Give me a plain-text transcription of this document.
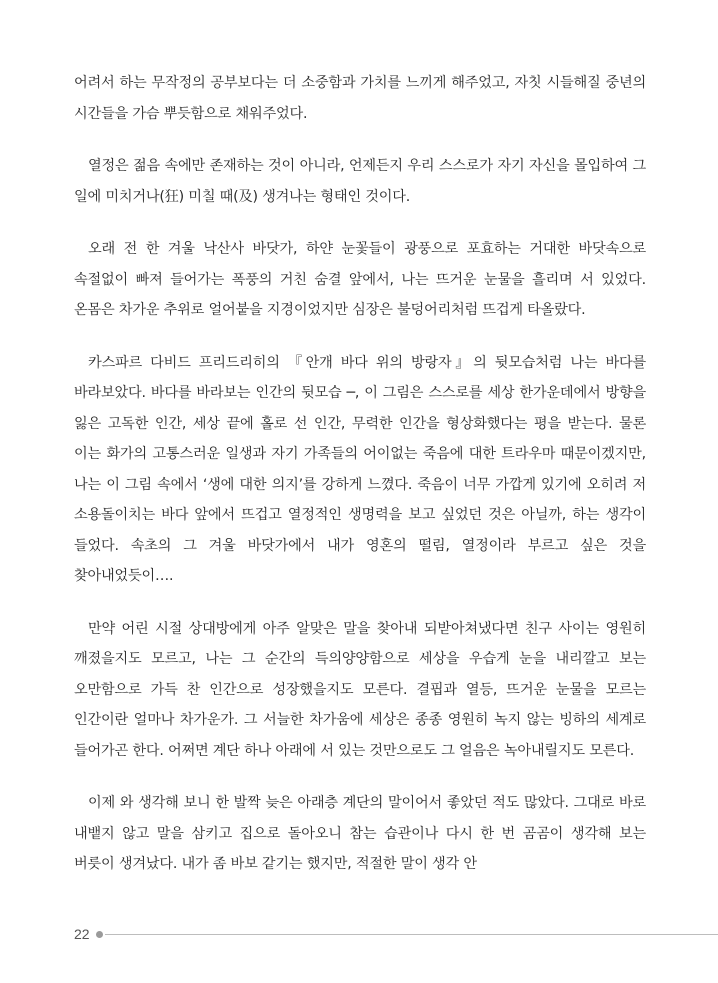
어려서 하는 무작정의 공부보다는 더 소중함과 가치를 느끼게 해주었고, 자칫 시들해질 중년의 시간들을 가슴 뿌듯함으로 채워주었다.

열정은 젊음 속에만 존재하는 것이 아니라, 언제든지 우리 스스로가 자기 자신을 몰입하여 그 일에 미치거나(狂) 미칠 때(及) 생겨나는 형태인 것이다.

오래 전 한 겨울 낙산사 바닷가, 하얀 눈꽃들이 광풍으로 포효하는 거대한 바닷속으로 속절없이 빠져 들어가는 폭풍의 거친 숨결 앞에서, 나는 뜨거운 눈물을 흘리며 서 있었다. 온몸은 차가운 추위로 얼어붙을 지경이었지만 심장은 불덩어리처럼 뜨겁게 타올랐다.

카스파르 다비드 프리드리히의 『안개 바다 위의 방랑자』의 뒷모습처럼 나는 바다를 바라보았다. 바다를 바라보는 인간의 뒷모습 ─, 이 그림은 스스로를 세상 한가운데에서 방향을 잃은 고독한 인간, 세상 끝에 홀로 선 인간, 무력한 인간을 형상화했다는 평을 받는다. 물론 이는 화가의 고통스러운 일생과 자기 가족들의 어이없는 죽음에 대한 트라우마 때문이겠지만, 나는 이 그림 속에서 ‘생에 대한 의지’를 강하게 느꼈다. 죽음이 너무 가깝게 있기에 오히려 저 소용돌이치는 바다 앞에서 뜨겁고 열정적인 생명력을 보고 싶었던 것은 아닐까, 하는 생각이 들었다. 속초의 그 겨울 바닷가에서 내가 영혼의 떨림, 열정이라 부르고 싶은 것을 찾아내었듯이….

만약 어린 시절 상대방에게 아주 알맞은 말을 찾아내 되받아쳐냈다면 친구 사이는 영원히 깨졌을지도 모르고, 나는 그 순간의 득의양양함으로 세상을 우습게 눈을 내리깔고 보는 오만함으로 가득 찬 인간으로 성장했을지도 모른다. 결핍과 열등, 뜨거운 눈물을 모르는 인간이란 얼마나 차가운가. 그 서늘한 차가움에 세상은 종종 영원히 녹지 않는 빙하의 세계로 들어가곤 한다. 어쩌면 계단 하나 아래에 서 있는 것만으로도 그 얼음은 녹아내릴지도 모른다.

이제 와 생각해 보니 한 발짝 늦은 아래층 계단의 말이어서 좋았던 적도 많았다. 그대로 바로 내뱉지 않고 말을 삼키고 집으로 돌아오니 참는 습관이나 다시 한 번 곰곰이 생각해 보는 버릇이 생겨났다. 내가 좀 바보 같기는 했지만, 적절한 말이 생각 안

22
